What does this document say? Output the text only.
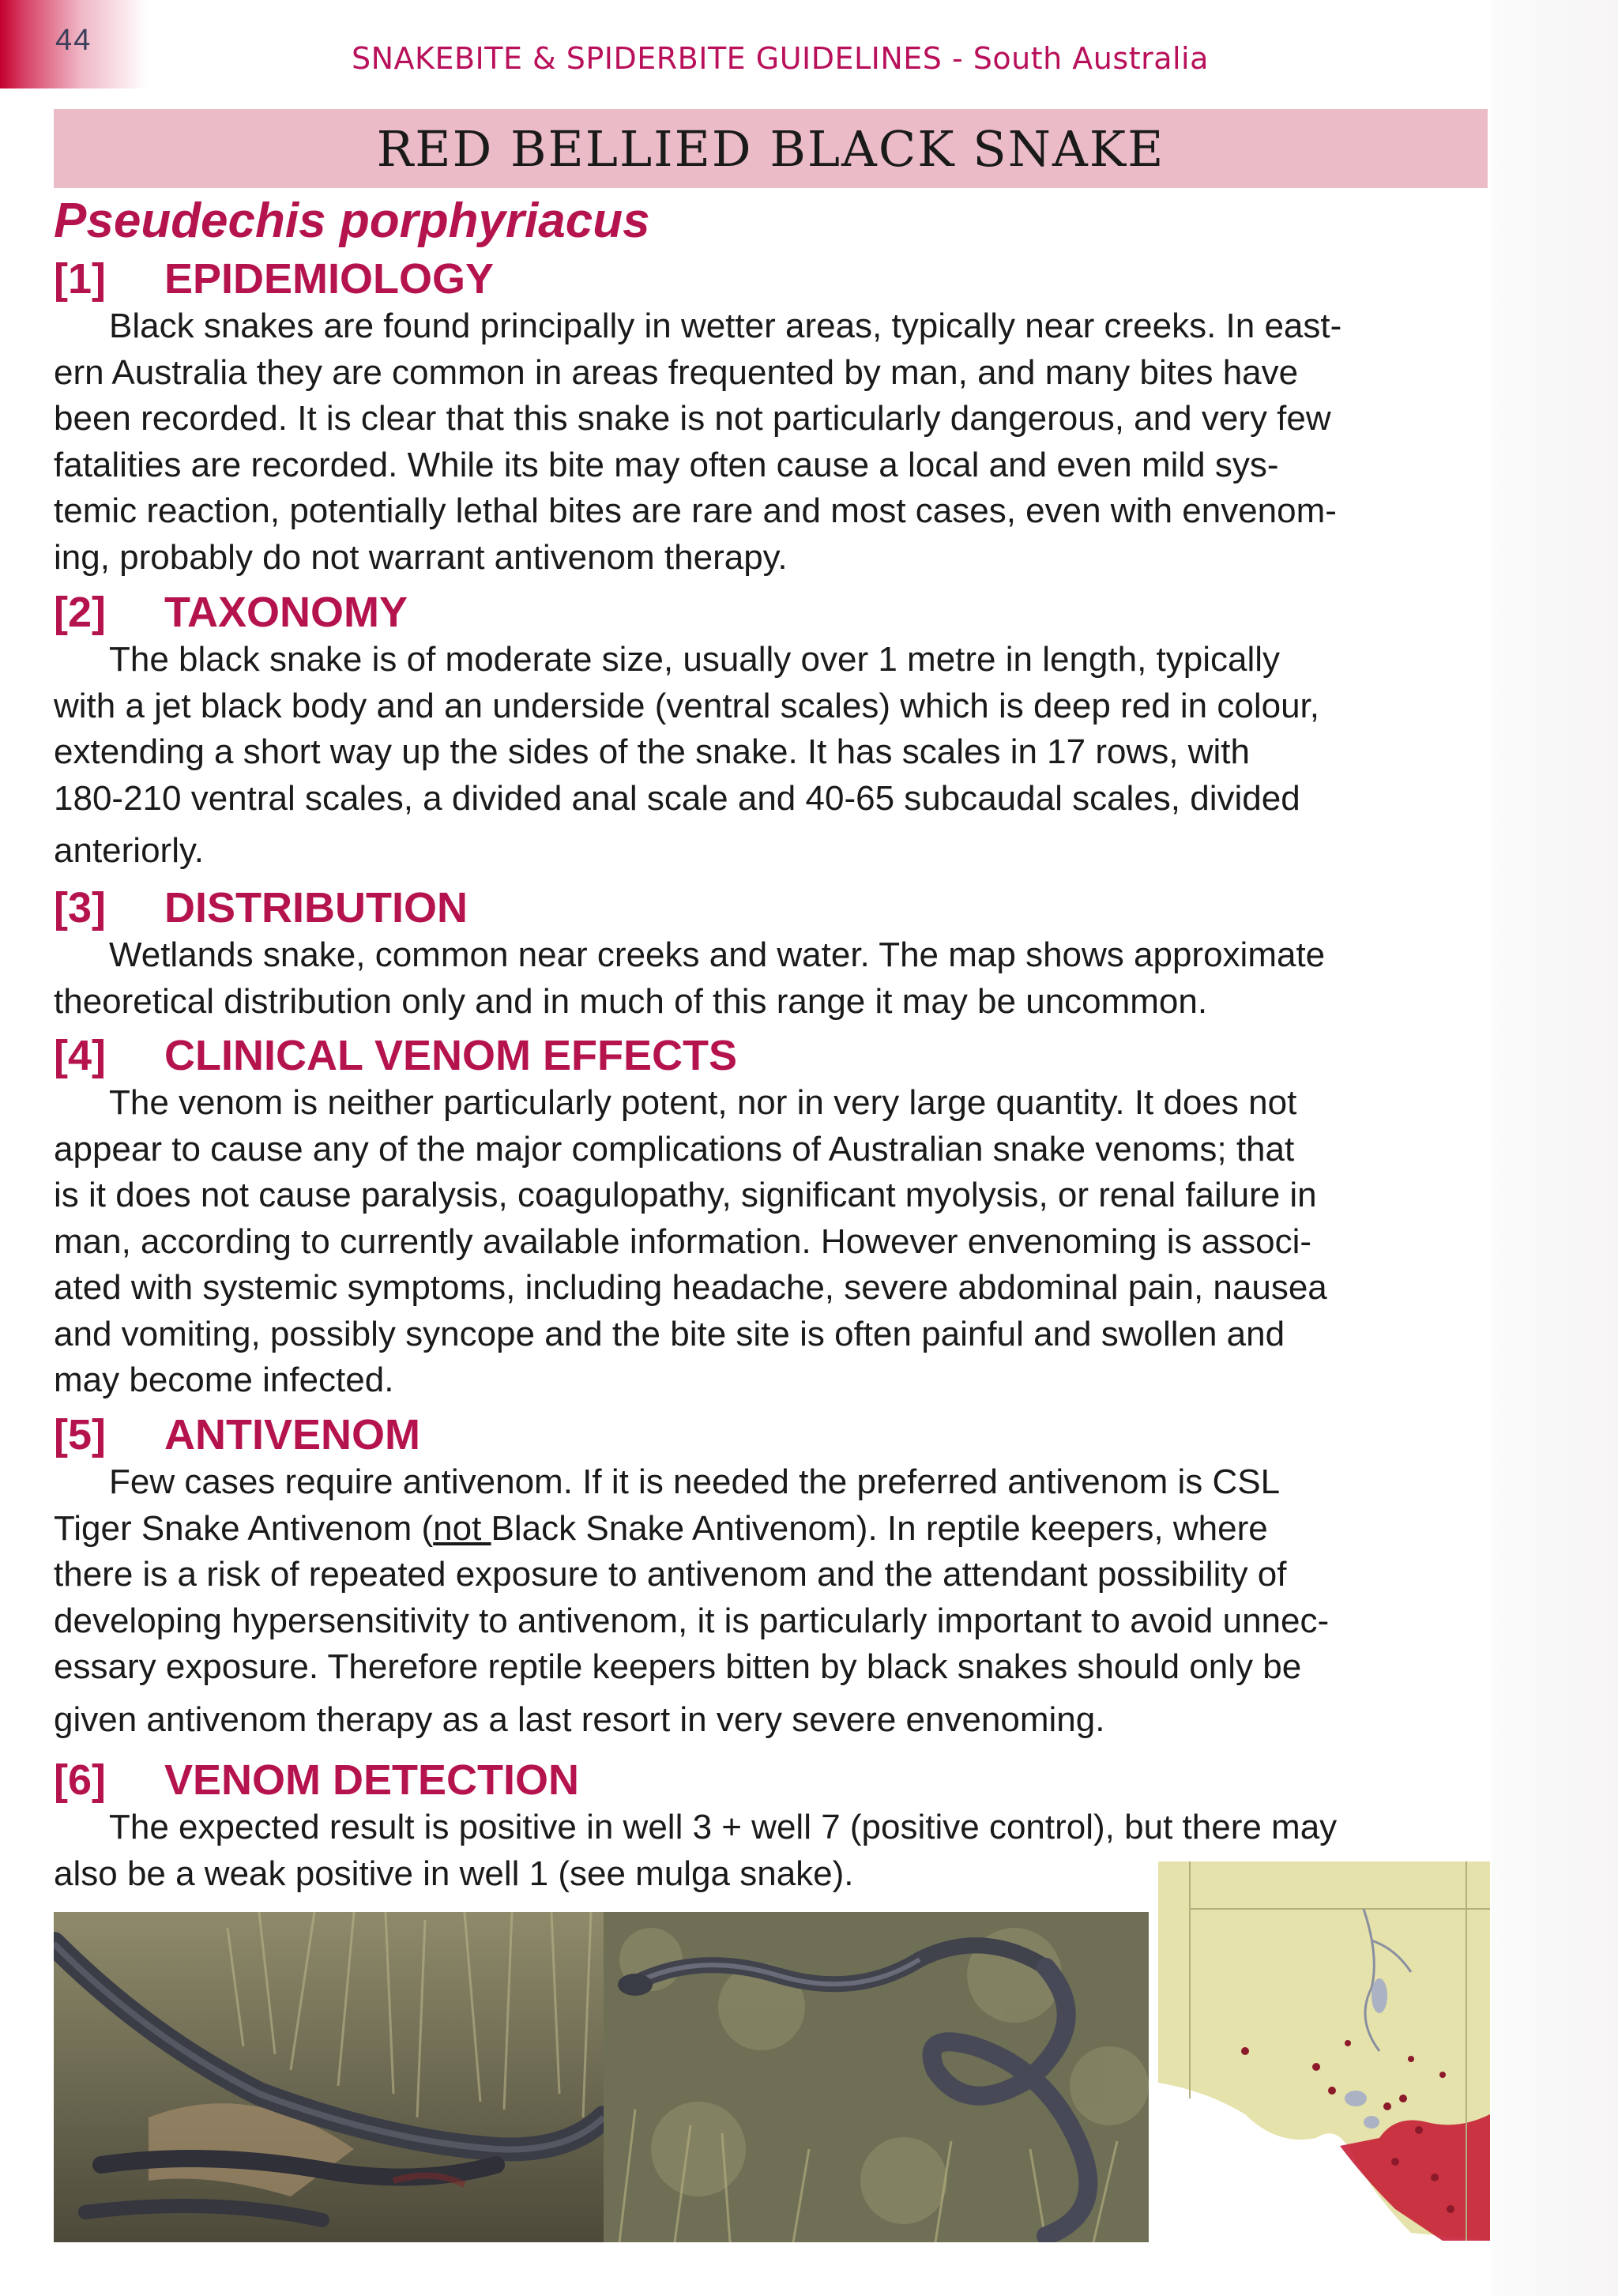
44
SNAKEBITE & SPIDERBITE GUIDELINES - South Australia
RED BELLIED BLACK SNAKE
Pseudechis porphyriacus
[1] EPIDEMIOLOGY
Black snakes are found principally in wetter areas, typically near creeks. In east-
ern Australia they are common in areas frequented by man, and many bites have
been recorded. It is clear that this snake is not particularly dangerous, and very few
fatalities are recorded. While its bite may often cause a local and even mild sys-
temic reaction, potentially lethal bites are rare and most cases, even with envenom-
ing, probably do not warrant antivenom therapy.
[2] TAXONOMY
The black snake is of moderate size, usually over 1 metre in length, typically
with a jet black body and an underside (ventral scales) which is deep red in colour,
extending a short way up the sides of the snake. It has scales in 17 rows, with
180-210 ventral scales, a divided anal scale and 40-65 subcaudal scales, divided
anteriorly.
[3] DISTRIBUTION
Wetlands snake, common near creeks and water. The map shows approximate
theoretical distribution only and in much of this range it may be uncommon.
[4] CLINICAL VENOM EFFECTS
The venom is neither particularly potent, nor in very large quantity. It does not
appear to cause any of the major complications of Australian snake venoms; that
is it does not cause paralysis, coagulopathy, significant myolysis, or renal failure in
man, according to currently available information. However envenoming is associ-
ated with systemic symptoms, including headache, severe abdominal pain, nausea
and vomiting, possibly syncope and the bite site is often painful and swollen and
may become infected.
[5] ANTIVENOM
Few cases require antivenom. If it is needed the preferred antivenom is CSL
Tiger Snake Antivenom (not Black Snake Antivenom). In reptile keepers, where
there is a risk of repeated exposure to antivenom and the attendant possibility of
developing hypersensitivity to antivenom, it is particularly important to avoid unnec-
essary exposure. Therefore reptile keepers bitten by black snakes should only be
given antivenom therapy as a last resort in very severe envenoming.
[6] VENOM DETECTION
The expected result is positive in well 3 + well 7 (positive control), but there may
also be a weak positive in well 1 (see mulga snake).
